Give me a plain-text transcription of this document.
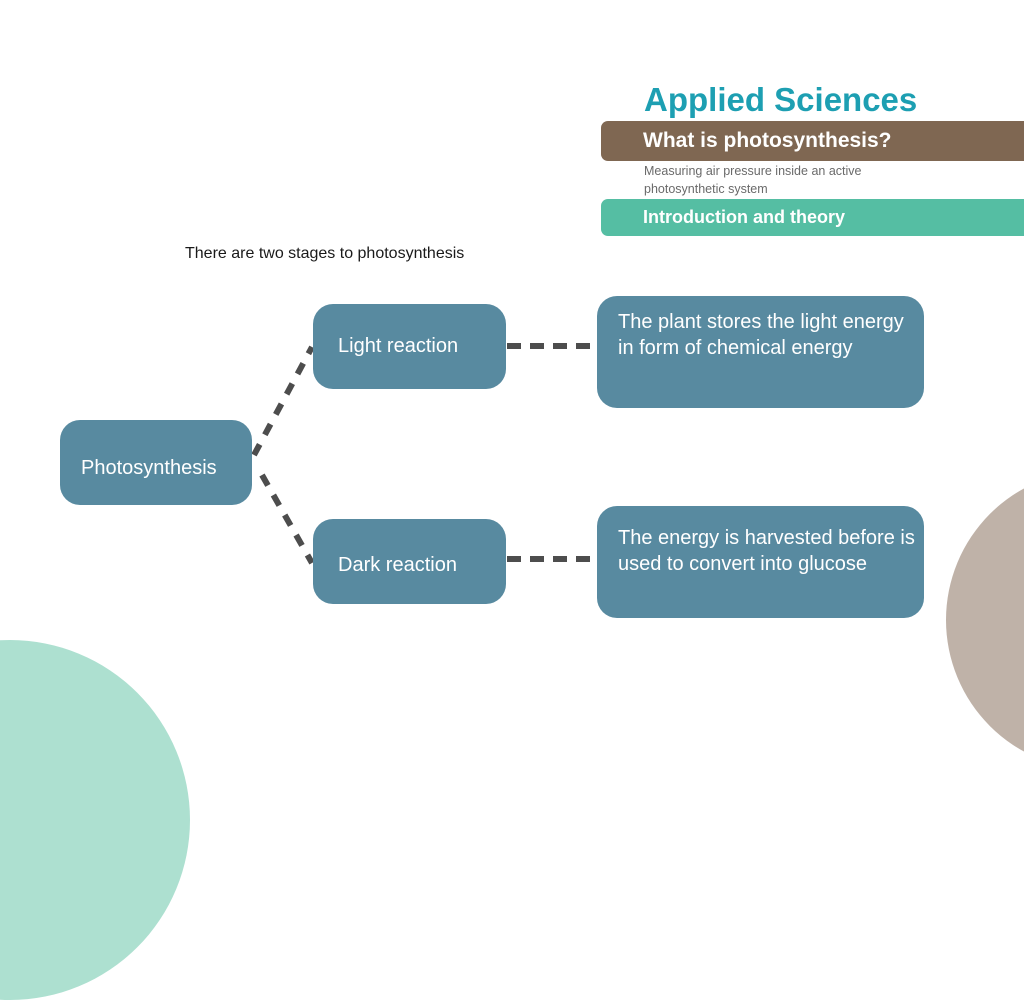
Applied Sciences
What is photosynthesis?
Measuring air pressure inside an active photosynthetic system
Introduction and theory
There are two stages to photosynthesis
Photosynthesis
Light reaction
Dark reaction
The plant stores the light energy in form of chemical energy
The energy is harvested before is used to convert into glucose
